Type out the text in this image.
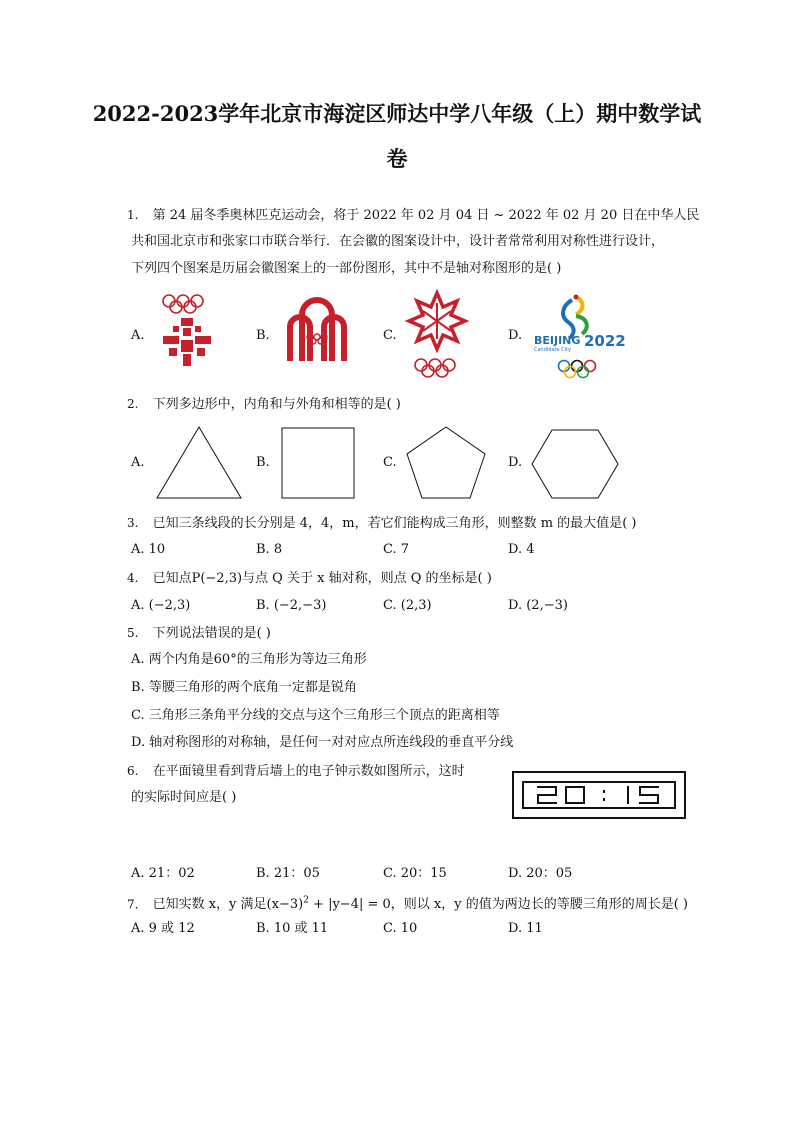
2022-2023学年北京市海淀区师达中学八年级（上）期中数学试
卷
1. 第 24 届冬季奥林匹克运动会，将于 2022 年 02 月 04 日 ~ 2022 年 02 月 20 日在中华人民
共和国北京市和张家口市联合举行．在会徽的图案设计中，设计者常常利用对称性进行设计，
下列四个图案是历届会徽图案上的一部份图形，其中不是轴对称图形的是( )
A.	B.	C.	D. BEIJING
Candidate City 2022
2. 下列多边形中，内角和与外角和相等的是( )
A.	B.	C.	D.
3. 已知三条线段的长分别是 4，4，m，若它们能构成三角形，则整数 m 的最大值是( )
A. 10	B. 8	C. 7	D. 4
4. 已知点P(−2,3)与点 Q 关于 x 轴对称，则点 Q 的坐标是( )
A. (−2,3)	B. (−2,−3)	C. (2,3)	D. (2,−3)
5. 下列说法错误的是( )
A. 两个内角是60°的三角形为等边三角形
B. 等腰三角形的两个底角一定都是锐角
C. 三角形三条角平分线的交点与这个三角形三个顶点的距离相等
D. 轴对称图形的对称轴，是任何一对对应点所连线段的垂直平分线
6. 在平面镜里看到背后墙上的电子钟示数如图所示，这时
的实际时间应是( )
A. 21：02	B. 21：05	C. 20：15	D. 20：05
7. 已知实数 x，y 满足$(x-3)^2 + |y-4| = 0$，则以 x，y 的值为两边长的等腰三角形的周长是( )
A. 9 或 12	B. 10 或 11	C. 10	D. 11
